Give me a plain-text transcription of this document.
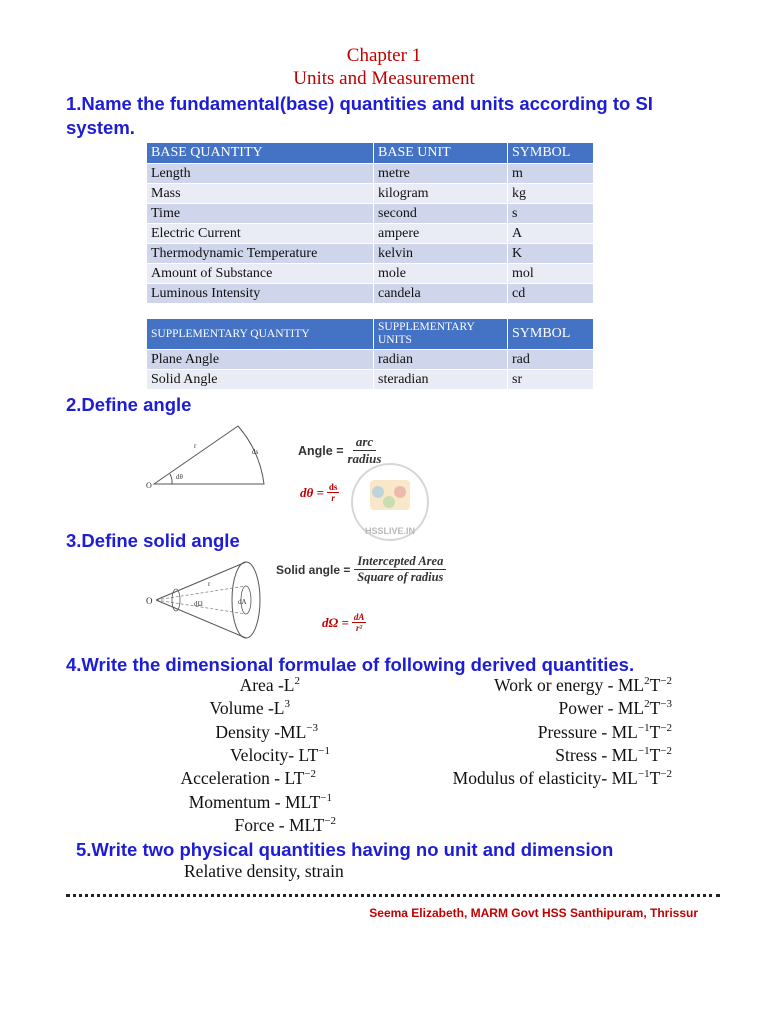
Chapter 1
Units and Measurement
1.Name the fundamental(base) quantities and units according to SI system.
BASE QUANTITY	BASE UNIT	SYMBOL
Length	metre	m
Mass	kilogram	kg
Time	second	s
Electric Current	ampere	A
Thermodynamic Temperature	kelvin	K
Amount of Substance	mole	mol
Luminous Intensity	candela	cd
SUPPLEMENTARY QUANTITY	SUPPLEMENTARY UNITS	SYMBOL
Plane Angle	radian	rad
Solid Angle	steradian	sr
2.Define angle
O
r
ds
dθ
Angle =
arc
radius
$d\theta = \frac{ds}{r}$
HSSLIVE.IN
3.Define solid angle
O
r
dA
dΩ
Solid angle =
Intercepted Area
Square of radius
$d\Omega = \frac{dA}{\text{r²}}$
4.Write the dimensional formulae of following derived quantities.
Area $-L^2$
Volume $-L^3$
Density $-ML^{-3}$
Velocity- $LT^{-1}$
Acceleration - $LT^{-2}$
Momentum - $MLT^{-1}$
Force - $MLT^{-2}$
Work or energy - $ML^2T^{-2}$
Power - $ML^2T^{-3}$
Pressure - $ML^{-1}T^{-2}$
Stress - $ML^{-1}T^{-2}$
Modulus of elasticity- $ML^{-1}T^{-2}$
5.Write two physical quantities having no unit and dimension
Relative density, strain
Seema Elizabeth, MARM Govt HSS Santhipuram, Thrissur
